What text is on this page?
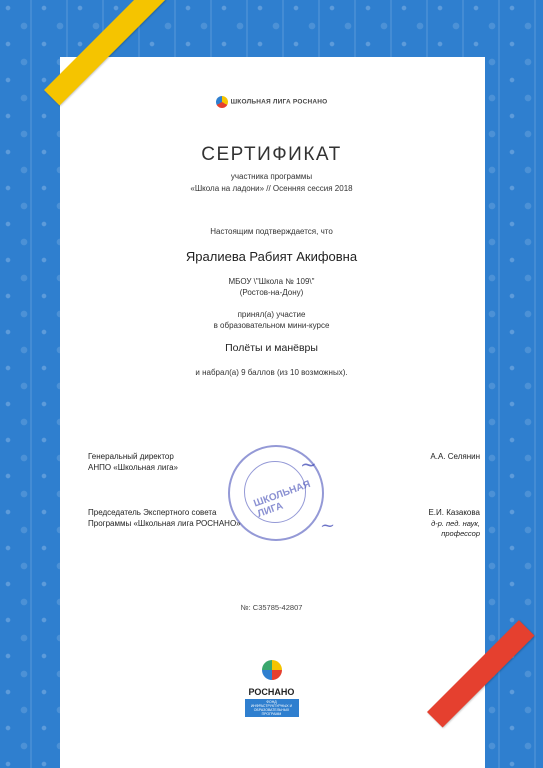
ШКОЛЬНАЯ ЛИГА РОСНАНО
СЕРТИФИКАТ
участника программы
«Школа на ладони» // Осенняя сессия 2018
Настоящим подтверждается, что
Яралиева Рабият Акифовна
МБОУ \"Школа № 109\"
(Ростов-на-Дону)
принял(а) участие
в образовательном мини-курсе
Полёты и манёвры
и набрал(а) 9 баллов (из 10 возможных).
ШКОЛЬНАЯ ЛИГА
~
~
Генеральный директор
АНПО «Школьная лига»
А.А. Селянин
Председатель Экспертного совета
Программы «Школьная лига РОСНАНО»
Е.И. Казакова
д-р. пед. наук,
профессор
№: C35785-42807
РОСНАНО
ФОНД ИНФРАСТРУКТУРНЫХ И ОБРАЗОВАТЕЛЬНЫХ ПРОГРАММ
